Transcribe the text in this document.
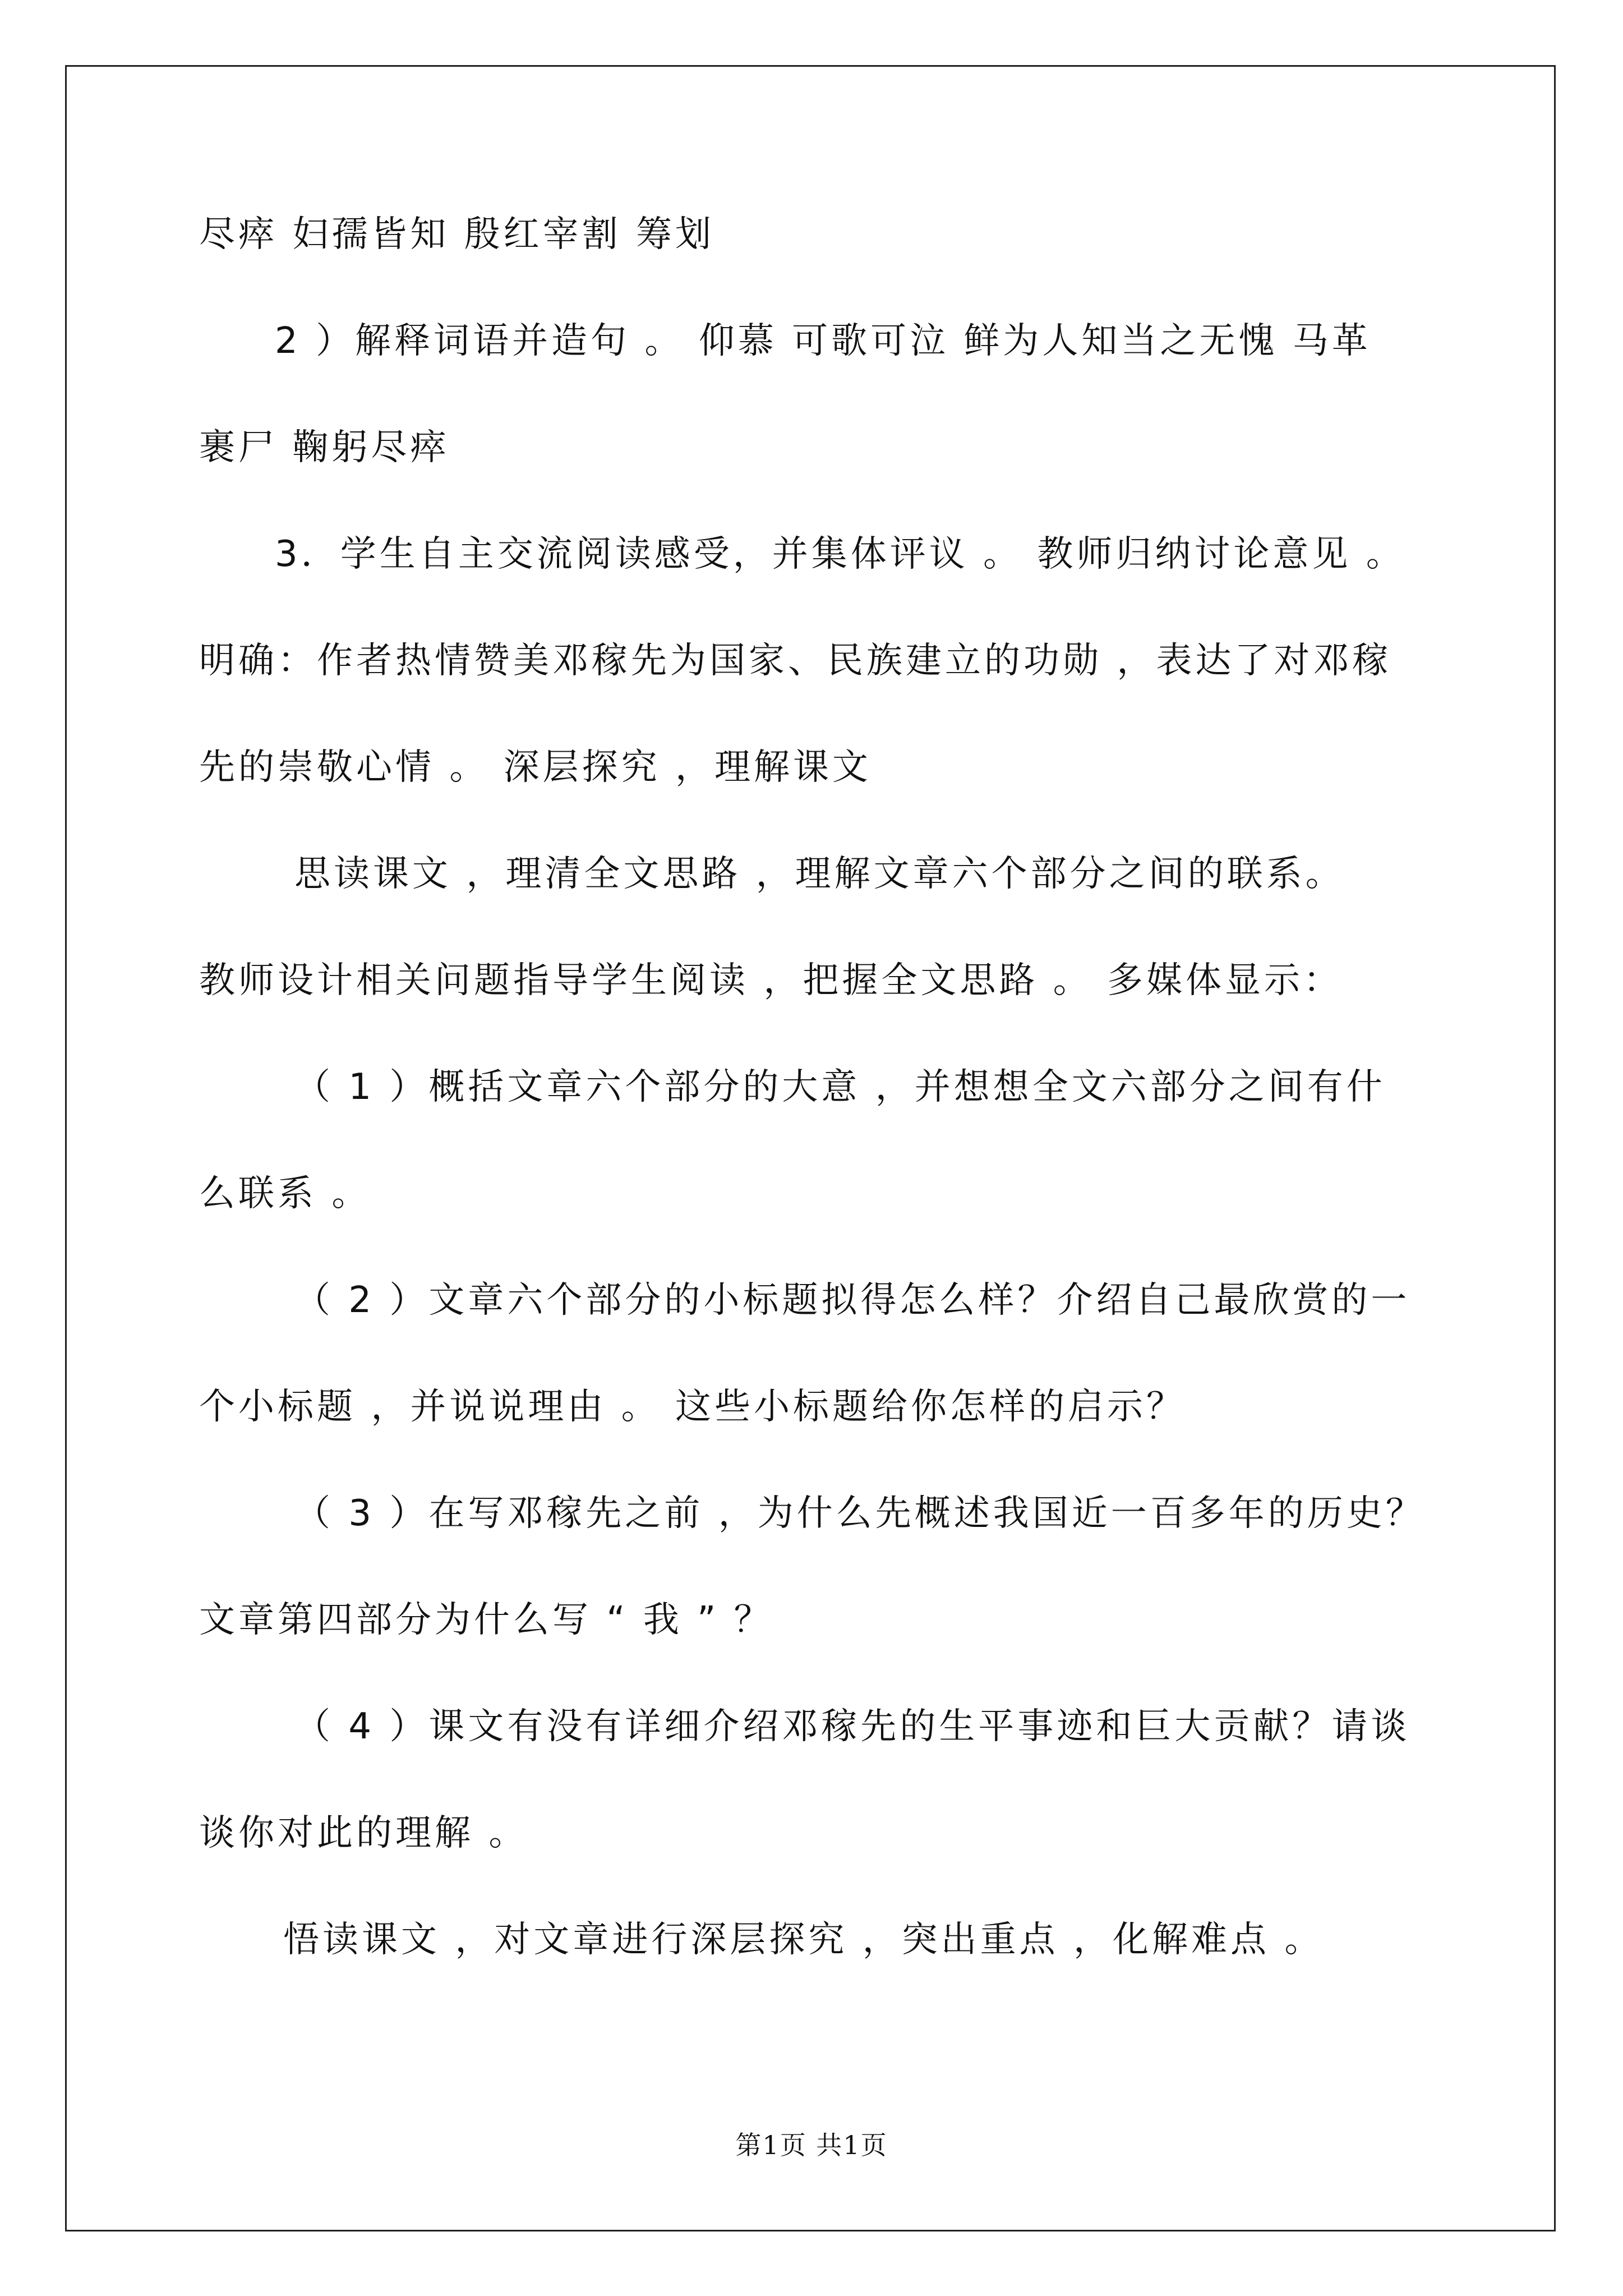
尽瘁 妇孺皆知 殷红宰割 筹划
2 ）解释词语并造句 。 仰慕 可歌可泣 鲜为人知当之无愧 马革
裹尸 鞠躬尽瘁
3．学生自主交流阅读感受，并集体评议 。 教师归纳讨论意见 。
明确：作者热情赞美邓稼先为国家、民族建立的功勋 ，表达了对邓稼
先的崇敬心情 。 深层探究 ，理解课文
思读课文 ，理清全文思路 ，理解文章六个部分之间的联系。
教师设计相关问题指导学生阅读 ，把握全文思路 。 多媒体显示：
（ 1 ）概括文章六个部分的大意 ，并想想全文六部分之间有什
么联系 。
（ 2 ）文章六个部分的小标题拟得怎么样？介绍自己最欣赏的一
个小标题 ，并说说理由 。 这些小标题给你怎样的启示？
（ 3 ）在写邓稼先之前 ，为什么先概述我国近一百多年的历史？
文章第四部分为什么写 “ 我 ” ？
（ 4 ）课文有没有详细介绍邓稼先的生平事迹和巨大贡献？请谈
谈你对此的理解 。
悟读课文 ，对文章进行深层探究 ，突出重点 ，化解难点 。
第1页 共1页
